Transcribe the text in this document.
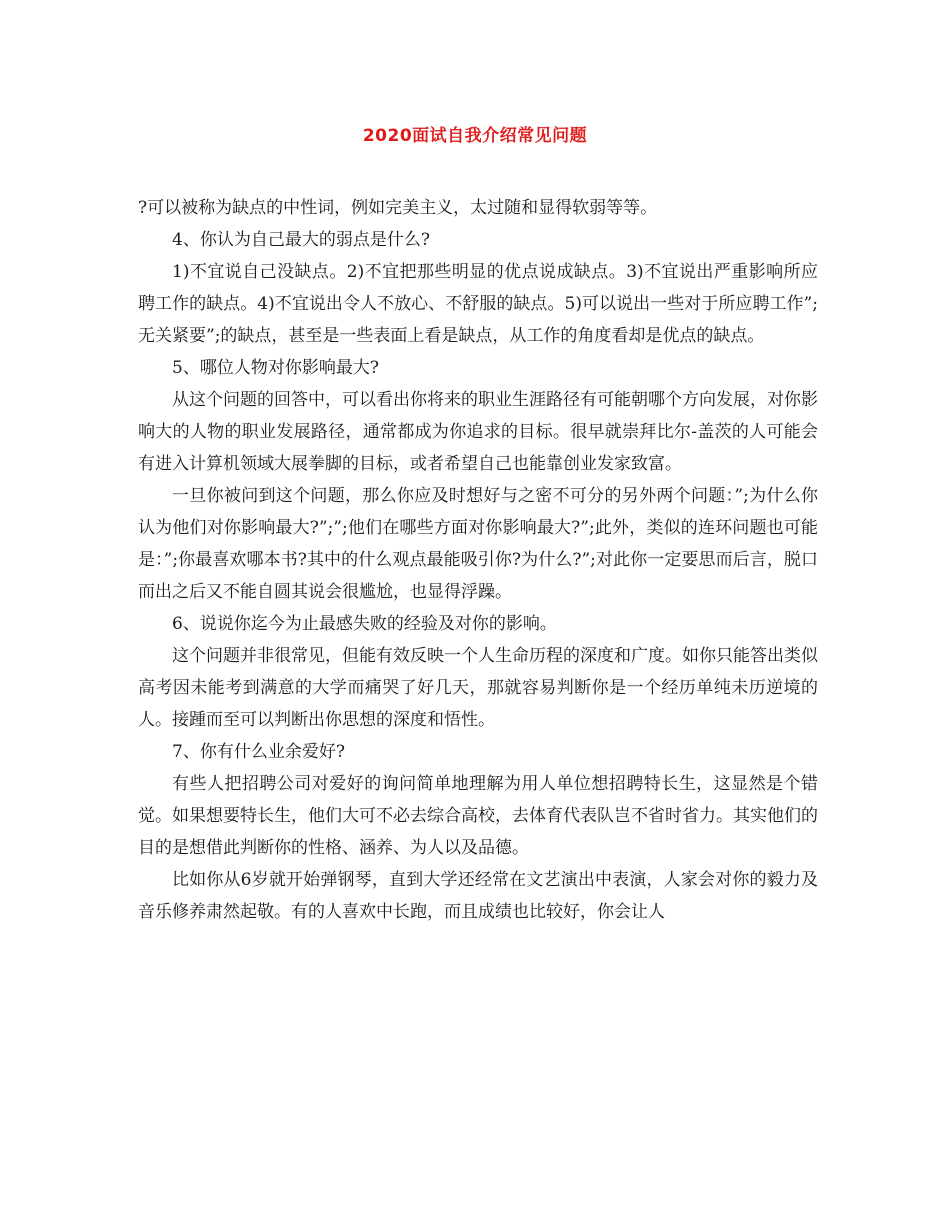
2020面试自我介绍常见问题

?可以被称为缺点的中性词，例如完美主义，太过随和显得软弱等等。

4、你认为自己最大的弱点是什么?

1)不宜说自己没缺点。2)不宜把那些明显的优点说成缺点。3)不宜说出严重影响所应聘工作的缺点。4)不宜说出令人不放心、不舒服的缺点。5)可以说出一些对于所应聘工作”;无关紧要”;的缺点，甚至是一些表面上看是缺点，从工作的角度看却是优点的缺点。

5、哪位人物对你影响最大?

从这个问题的回答中，可以看出你将来的职业生涯路径有可能朝哪个方向发展，对你影响大的人物的职业发展路径，通常都成为你追求的目标。很早就崇拜比尔-盖茨的人可能会有进入计算机领域大展拳脚的目标，或者希望自己也能靠创业发家致富。

一旦你被问到这个问题，那么你应及时想好与之密不可分的另外两个问题：”;为什么你认为他们对你影响最大?”;”;他们在哪些方面对你影响最大?”;此外，类似的连环问题也可能是：”;你最喜欢哪本书?其中的什么观点最能吸引你?为什么?”;对此你一定要思而后言，脱口而出之后又不能自圆其说会很尴尬，也显得浮躁。

6、说说你迄今为止最感失败的经验及对你的影响。

这个问题并非很常见，但能有效反映一个人生命历程的深度和广度。如你只能答出类似高考因未能考到满意的大学而痛哭了好几天，那就容易判断你是一个经历单纯未历逆境的人。接踵而至可以判断出你思想的深度和悟性。

7、你有什么业余爱好?

有些人把招聘公司对爱好的询问简单地理解为用人单位想招聘特长生，这显然是个错觉。如果想要特长生，他们大可不必去综合高校，去体育代表队岂不省时省力。其实他们的目的是想借此判断你的性格、涵养、为人以及品德。

比如你从6岁就开始弹钢琴，直到大学还经常在文艺演出中表演，人家会对你的毅力及音乐修养肃然起敬。有的人喜欢中长跑，而且成绩也比较好，你会让人
